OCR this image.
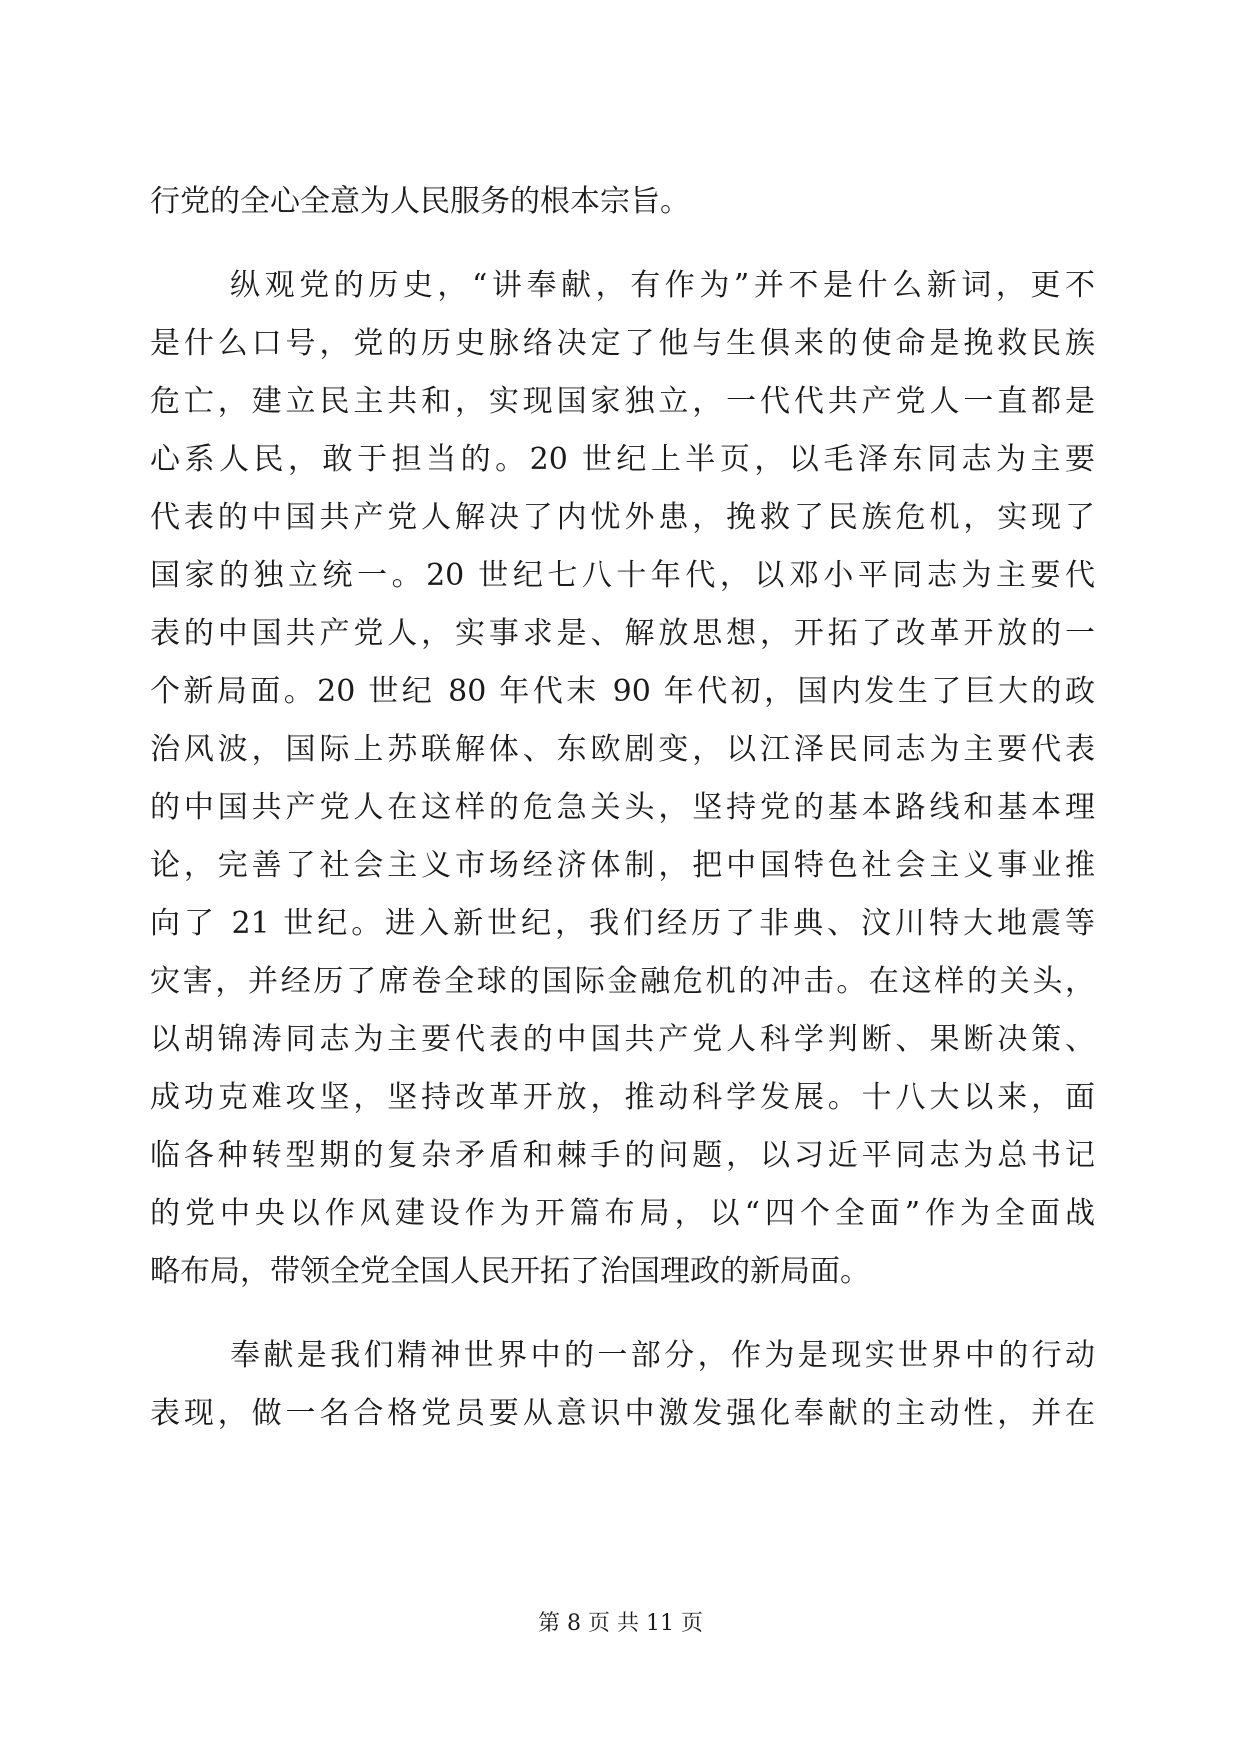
行党的全心全意为人民服务的根本宗旨。
纵观党的历史，“讲奉献，有作为”并不是什么新词，更不
是什么口号，党的历史脉络决定了他与生俱来的使命是挽救民族
危亡，建立民主共和，实现国家独立，一代代共产党人一直都是
心系人民，敢于担当的。20 世纪上半页，以毛泽东同志为主要
代表的中国共产党人解决了内忧外患，挽救了民族危机，实现了
国家的独立统一。20 世纪七八十年代，以邓小平同志为主要代
表的中国共产党人，实事求是、解放思想，开拓了改革开放的一
个新局面。20 世纪 80 年代末 90 年代初，国内发生了巨大的政
治风波，国际上苏联解体、东欧剧变，以江泽民同志为主要代表
的中国共产党人在这样的危急关头，坚持党的基本路线和基本理
论，完善了社会主义市场经济体制，把中国特色社会主义事业推
向了 21 世纪。进入新世纪，我们经历了非典、汶川特大地震等
灾害，并经历了席卷全球的国际金融危机的冲击。在这样的关头，
以胡锦涛同志为主要代表的中国共产党人科学判断、果断决策、
成功克难攻坚，坚持改革开放，推动科学发展。十八大以来，面
临各种转型期的复杂矛盾和棘手的问题，以习近平同志为总书记
的党中央以作风建设作为开篇布局，以“四个全面”作为全面战
略布局，带领全党全国人民开拓了治国理政的新局面。
奉献是我们精神世界中的一部分，作为是现实世界中的行动
表现，做一名合格党员要从意识中激发强化奉献的主动性，并在
第 8 页 共 11 页
